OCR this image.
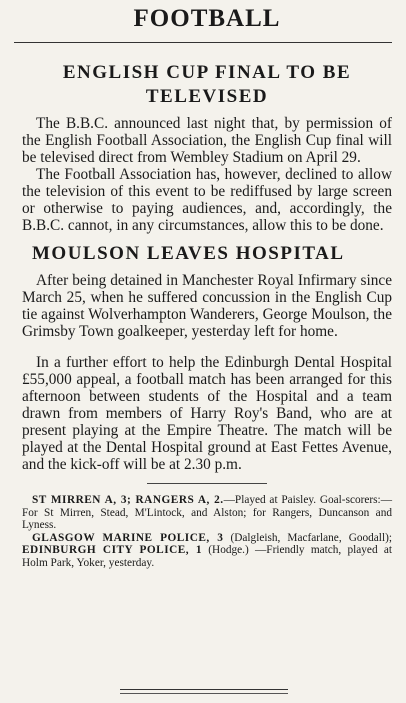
FOOTBALL
ENGLISH CUP FINAL TO BE TELEVISED

The B.B.C. announced last night that, by permission of the English Football Association, the English Cup final will be televised direct from Wembley Stadium on April 29.

The Football Association has, however, declined to allow the television of this event to be rediffused by large screen or otherwise to paying audiences, and, accordingly, the B.B.C. cannot, in any circumstances, allow this to be done.

MOULSON LEAVES HOSPITAL

After being detained in Manchester Royal Infirmary since March 25, when he suffered concussion in the English Cup tie against Wolverhampton Wanderers, George Moulson, the Grimsby Town goalkeeper, yesterday left for home.

In a further effort to help the Edinburgh Dental Hospital £55,000 appeal, a football match has been arranged for this afternoon between students of the Hospital and a team drawn from members of Harry Roy's Band, who are at present playing at the Empire Theatre. The match will be played at the Dental Hospital ground at East Fettes Avenue, and the kick-off will be at 2.30 p.m.

ST MIRREN A, 3; RANGERS A, 2.—Played at Paisley. Goal-scorers:—For St Mirren, Stead, M'Lintock, and Alston; for Rangers, Duncanson and Lyness.

GLASGOW MARINE POLICE, 3 (Dalgleish, Macfarlane, Goodall); EDINBURGH CITY POLICE, 1 (Hodge.) —Friendly match, played at Holm Park, Yoker, yesterday.
